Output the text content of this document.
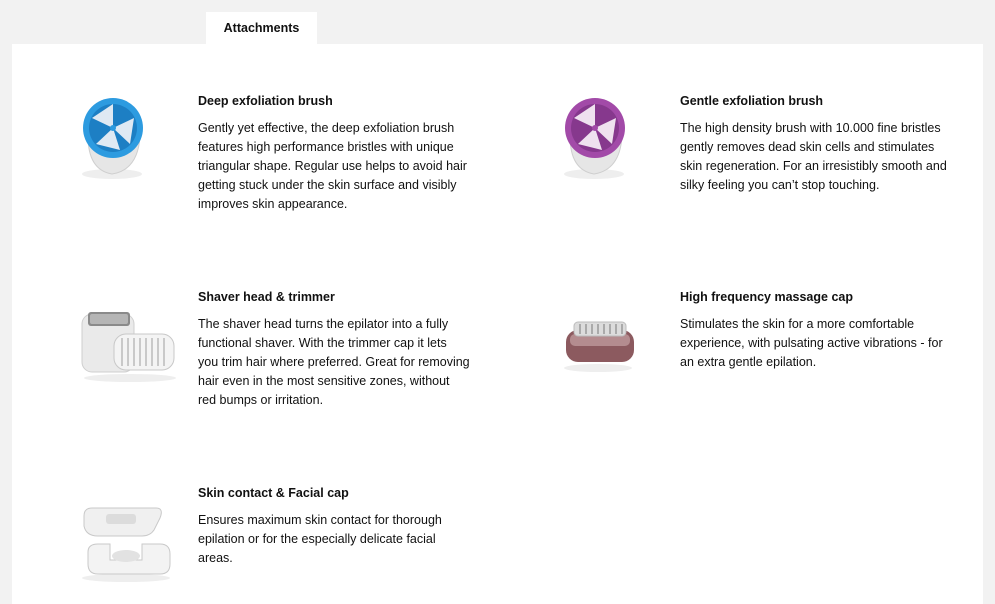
Attachments
Deep exfoliation brush
Gently yet effective, the deep exfoliation brush features high performance bristles with unique triangular shape. Regular use helps to avoid hair getting stuck under the skin surface and visibly improves skin appearance.
Gentle exfoliation brush
The high density brush with 10.000 fine bristles gently removes dead skin cells and stimulates skin regeneration. For an irresistibly smooth and silky feeling you can’t stop touching.
Shaver head & trimmer
The shaver head turns the epilator into a fully functional shaver. With the trimmer cap it lets you trim hair where preferred. Great for removing hair even in the most sensitive zones, without red bumps or irritation.
High frequency massage cap
Stimulates the skin for a more comfortable experience, with pulsating active vibrations - for an extra gentle epilation.
Skin contact & Facial cap
Ensures maximum skin contact for thorough epilation or for the especially delicate facial areas.
